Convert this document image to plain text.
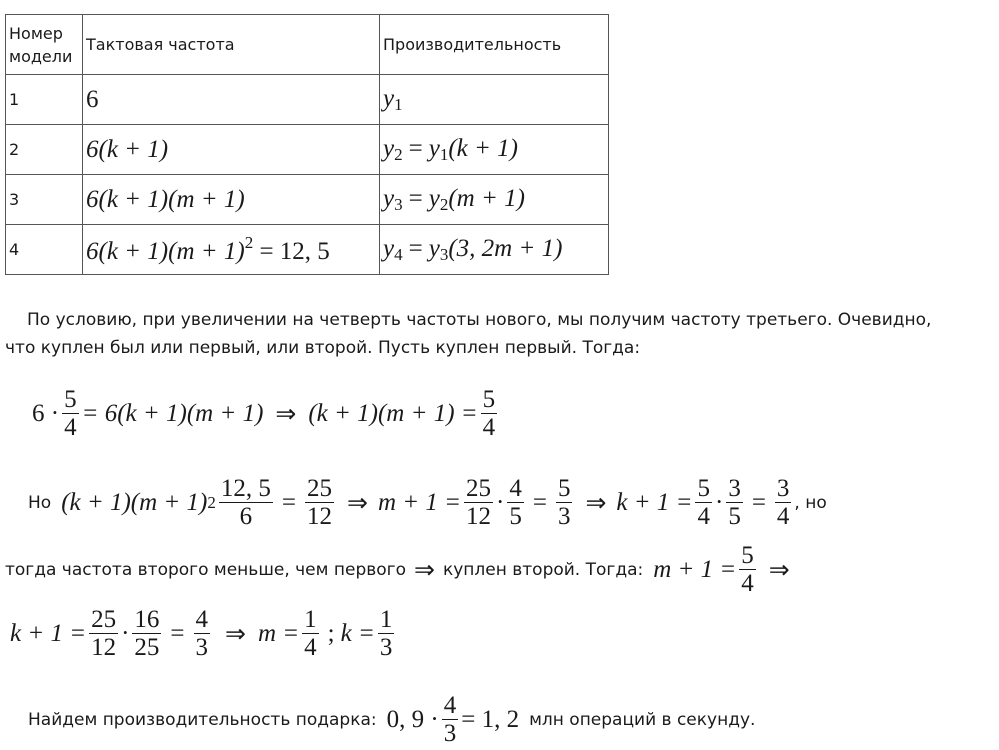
Номер модели	Тактовая частота	Производительность
1	6	y1
2	6(k + 1)	y2 = y1(k + 1)
3	6(k + 1)(m + 1)	y3 = y2(m + 1)
4	$6(k + 1)(m + 1)^2 = 12$, 5	y4 = y3(3, 2m + 1)
По условию, при увеличении на четверть частоты нового, мы получим частоту третьего. Очевидно,
что куплен был или первый, или второй. Пусть куплен первый. Тогда:
$6 \cdot \frac{5}{4} = 6(k + 1)(m + 1)$ ⇒ $(k + 1)(m + 1) = \frac{5}{4}$
Но (k + 1)(m + 1) $2 \frac{12, 5}{6} = \frac{25}{12}$ ⇒ $m + 1 = \frac{25}{12} \cdot \frac{4}{5} = \frac{5}{3}$ ⇒ $k + 1 = \frac{5}{4} \cdot \frac{3}{5} = \frac{3}{4}$ , но
тогда частота второго меньше, чем первого ⇒ куплен второй. Тогда: $m + 1 = \frac{5}{4}$ ⇒
$k + 1 = \frac{25}{12} \cdot \frac{16}{25} = \frac{4}{3}$ ⇒ $m = \frac{1}{4}$ ; $k = \frac{1}{3}$
Найдем производительность подарка: 0, $9 \cdot \frac{4}{3} = 1$, 2 млн операций в секунду.
